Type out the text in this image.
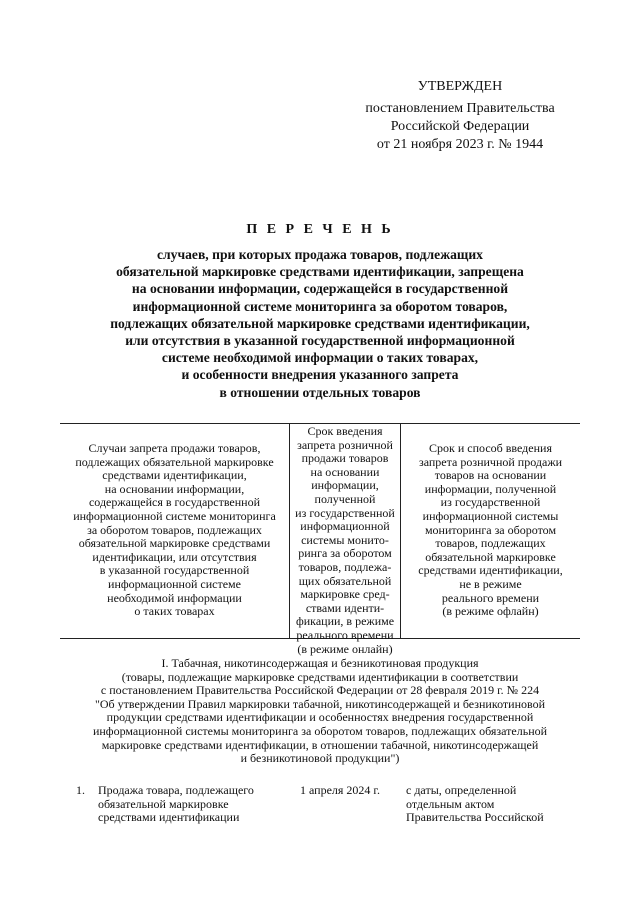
УТВЕРЖДЕН
постановлением Правительства
Российской Федерации
от 21 ноября 2023 г. № 1944
П Е Р Е Ч Е Н Ь
случаев, при которых продажа товаров, подлежащих
обязательной маркировке средствами идентификации, запрещена
на основании информации, содержащейся в государственной
информационной системе мониторинга за оборотом товаров,
подлежащих обязательной маркировке средствами идентификации,
или отсутствия в указанной государственной информационной
системе необходимой информации о таких товарах,
и особенности внедрения указанного запрета
в отношении отдельных товаров
Случаи запрета продажи товаров,
подлежащих обязательной маркировке
средствами идентификации,
на основании информации,
содержащейся в государственной
информационной системе мониторинга
за оборотом товаров, подлежащих
обязательной маркировке средствами
идентификации, или отсутствия
в указанной государственной
информационной системе
необходимой информации
о таких товарах
Срок введения
запрета розничной
продажи товаров
на основании
информации,
полученной
из государственной
информационной
системы монито-
ринга за оборотом
товаров, подлежа-
щих обязательной
маркировке сред-
ствами иденти-
фикации, в режиме
реального времени
(в режиме онлайн)
Срок и способ введения
запрета розничной продажи
товаров на основании
информации, полученной
из государственной
информационной системы
мониторинга за оборотом
товаров, подлежащих
обязательной маркировке
средствами идентификации,
не в режиме
реального времени
(в режиме офлайн)
I. Табачная, никотинсодержащая и безникотиновая продукция
(товары, подлежащие маркировке средствами идентификации в соответствии
с постановлением Правительства Российской Федерации от 28 февраля 2019 г. № 224
"Об утверждении Правил маркировки табачной, никотинсодержащей и безникотиновой
продукции средствами идентификации и особенностях внедрения государственной
информационной системы мониторинга за оборотом товаров, подлежащих обязательной
маркировке средствами идентификации, в отношении табачной, никотинсодержащей
и безникотиновой продукции")
1. Продажа товара, подлежащего
обязательной маркировке
средствами идентификации
1 апреля 2024 г.	с даты, определенной
отдельным актом
Правительства Российской
